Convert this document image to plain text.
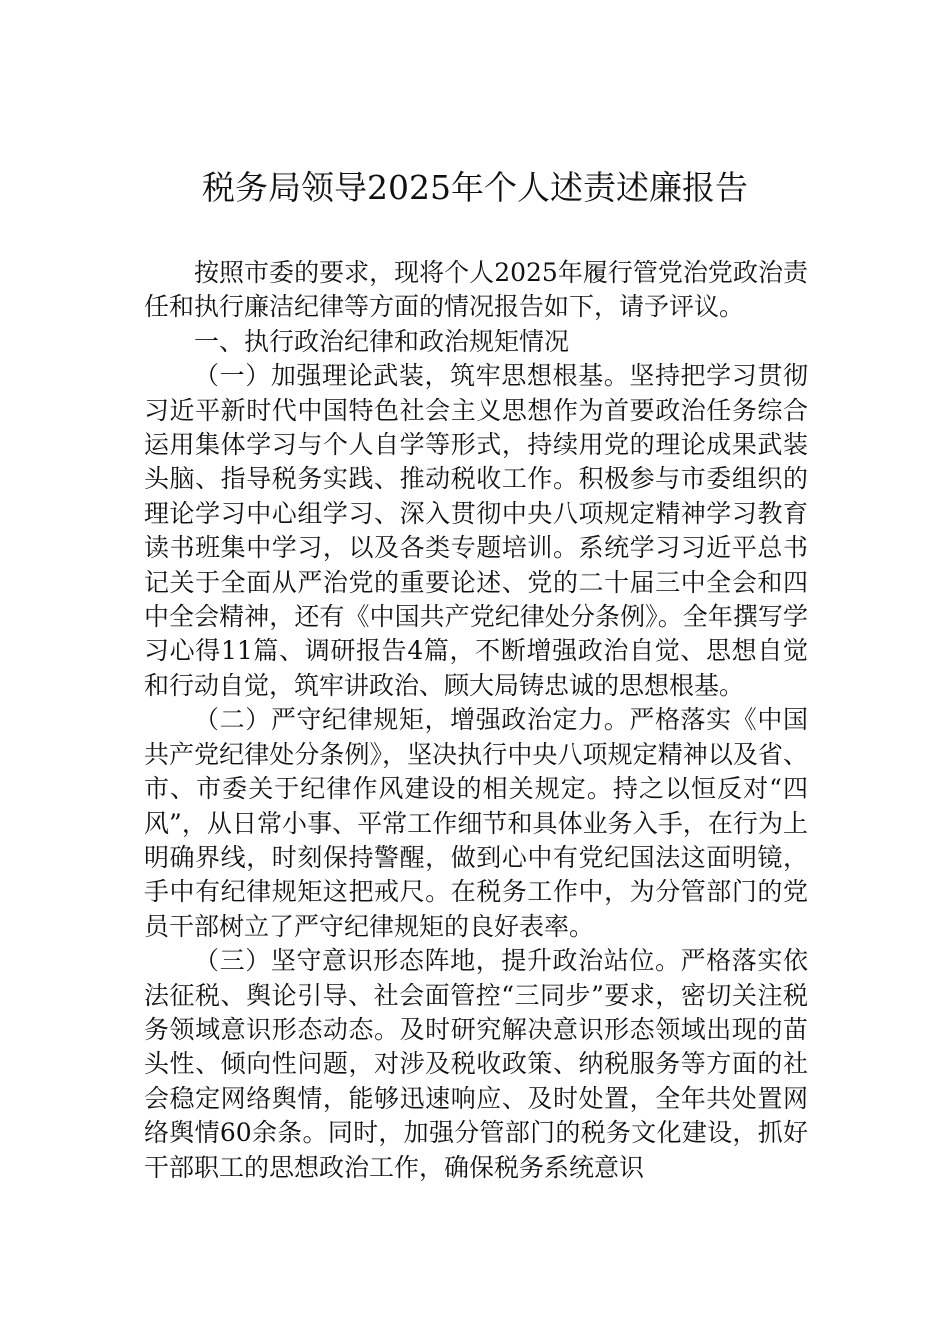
税务局领导2025年个人述责述廉报告

按照市委的要求，现将个人2025年履行管党治党政治责任和执行廉洁纪律等方面的情况报告如下，请予评议。

一、执行政治纪律和政治规矩情况

（一）加强理论武装，筑牢思想根基。坚持把学习贯彻习近平新时代中国特色社会主义思想作为首要政治任务综合运用集体学习与个人自学等形式，持续用党的理论成果武装头脑、指导税务实践、推动税收工作。积极参与市委组织的理论学习中心组学习、深入贯彻中央八项规定精神学习教育读书班集中学习，以及各类专题培训。系统学习习近平总书记关于全面从严治党的重要论述、党的二十届三中全会和四中全会精神，还有《中国共产党纪律处分条例》。全年撰写学习心得11篇、调研报告4篇，不断增强政治自觉、思想自觉和行动自觉，筑牢讲政治、顾大局铸忠诚的思想根基。

（二）严守纪律规矩，增强政治定力。严格落实《中国共产党纪律处分条例》，坚决执行中央八项规定精神以及省、市、市委关于纪律作风建设的相关规定。持之以恒反对“四风”，从日常小事、平常工作细节和具体业务入手，在行为上明确界线，时刻保持警醒，做到心中有党纪国法这面明镜，手中有纪律规矩这把戒尺。在税务工作中，为分管部门的党员干部树立了严守纪律规矩的良好表率。

（三）坚守意识形态阵地，提升政治站位。严格落实依法征税、舆论引导、社会面管控“三同步”要求，密切关注税务领域意识形态动态。及时研究解决意识形态领域出现的苗头性、倾向性问题，对涉及税收政策、纳税服务等方面的社会稳定网络舆情，能够迅速响应、及时处置，全年共处置网络舆情60余条。同时，加强分管部门的税务文化建设，抓好干部职工的思想政治工作，确保税务系统意识
